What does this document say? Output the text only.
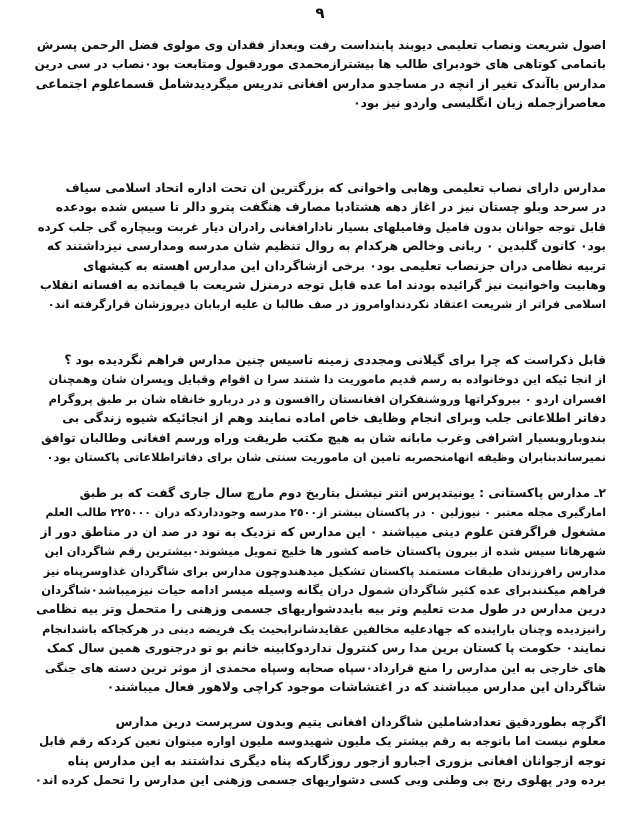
۹
اصول شریعت ونصاب تعلیمی دیوبند پابنداست رفت وبعداز فقدان وی مولوی فضل الرحمن پسرش
باتمامی کوتاهی های خودبرای طالب ها بیشترازمحمدی موردقبول ومتابعت بود٠نصاب در سی درین
مدارس باآندک تغیر از انچه در مساجدو مدارس افغانی تدریس میگردیدشامل قسماعلوم اجتماعی
معاصرازجمله زبان انگلیسی واردو نیز بود٠
مدارس دارای نصاب تعلیمی وهابی واخوانی که بزرگترین ان تحت اداره اتحاد اسلامی سیاف
در سرحد وبلو چستان نیز در اغاز دهه هشتادبا مصارف هنگفت پترو دالر تا سیس شده بودعده
قابل توجه جوانان بدون فامیل وفامیلهای بسیار نادارافغانی رادران دیار غربت وبیچاره گی جلب کرده
بود٠ کانون گلبدین ٠ ربانی وخالص هرکدام به روال تنظیم شان مدرسه ومدارسی نیزداشتند که
تربیه نظامی دران جزنصاب تعلیمی بود٠ برخی ازشاگردان این مدارس اهسته به کیشهای
وهابیت واخوانیت نیز گرائیده بودند اما عده قابل توجه درمنزل شریعت با قیمانده به افسانه انقلاب
اسلامی فراتر از شریعت اعتقاد نکردنداوامروز در صف طالبا ن علیه اربابان دیروزشان قرارگرفته اند٠
قابل ذکراست که چرا برای گیلانی ومجددی زمینه تاسیس چنین مدارس فراهم نگردیده بود ؟
از انجا ئیکه این دوخانواده به رسم قدیم ماموریت دا شتند سرا ن اقوام وقبایل وپسران شان وهمچنان
افسران اردو ٠ بیروکراتها وروشنفکران افغانستان راافسون و در دربارو خانقاه شان بر طبق پروگرام
دفاتر اطلاعاتی جلب وبرای انجام وظایف خاص اماده نمایند وهم از انجائیکه شیوه زندگی بی
بندوباروبسیار اشرافی وغرب مابانه شان به هیچ مکتب طریقت وراه ورسم افغانی وطالبان توافق
نمیرساندبنابران وظیفه انهامنحصربه تامین ان ماموریت سنتی شان برای دفاتراطلاعاتی پاکستان بود٠
٢ـ مدارس پاکستانی : یونیتدپرس انتر نیشنل بتاریخ دوم مارچ سال جاری گفت که بر طبق
امارگیری مجله معتبر ٠ نیوزلین ٠ در پاکستان بیشتر از٢٥٠٠ مدرسه وجودداردکه دران ٢٢٥٠٠٠ طالب العلم
مشغول فراگرفتن علوم دینی میباشند ٠ این مدارس که نزدیک به نود در صد ان در مناطق دور از
شهرهاتا سیس شده از بیرون پاکستان خاصه کشور ها خلیج تمویل میشوند٠بیشترین رقم شاگردان این
مدارس رافرزندان طبقات مستمند پاکستان تشکیل میدهندوچون مدارس برای شاگردان غذاوسرپناه نیز
فراهم میکنندبرای عده کثیر شاگردان شمول دران یگانه وسیله میسر ادامه حیات نیزمیباشد٠شاگردان
درین مدارس در طول مدت تعلیم وتر بیه بایددشواریهای جسمی وزهنی را متحمل وتر بیه نظامی
رانیزدیده وچنان باراینده که جهادعلیه مخالفین عقایدشانرابحیث یک فریضه دینی در هرکجاکه باشدانجام
نمایند٠ حکومت پا کستان برین مدا رس کنترول نداردوکابینه خانم بو تو درجنوری همین سال کمک
های خارجی به این مدارس را منع قرارداد٠سپاه صحابه وسپاه محمدی از موثر ترین دسته های جنگی
شاگردان این مدارس میباشند که در اغتشاشات موجود کراچی ولاهور فعال میباشند٠
اگرچه بطوردقیق تعدادشاملین شاگردان افغانی یتیم وبدون سرپرست درین مدارس
معلوم نیست اما باتوجه به رقم بیشتر یک ملیون شهیدوسه ملیون اواره میتوان تعین کردکه رقم قابل
توجه ازجوانان افغانی بزوری اجبارو ازجور روزگارکه پناه دیگری نداشتند به این مدارس پناه
برده ودر پهلوی رنج بی وطنی وبی کسی دشواریهای جسمی وزهنی این مدارس را تحمل کرده اند٠
